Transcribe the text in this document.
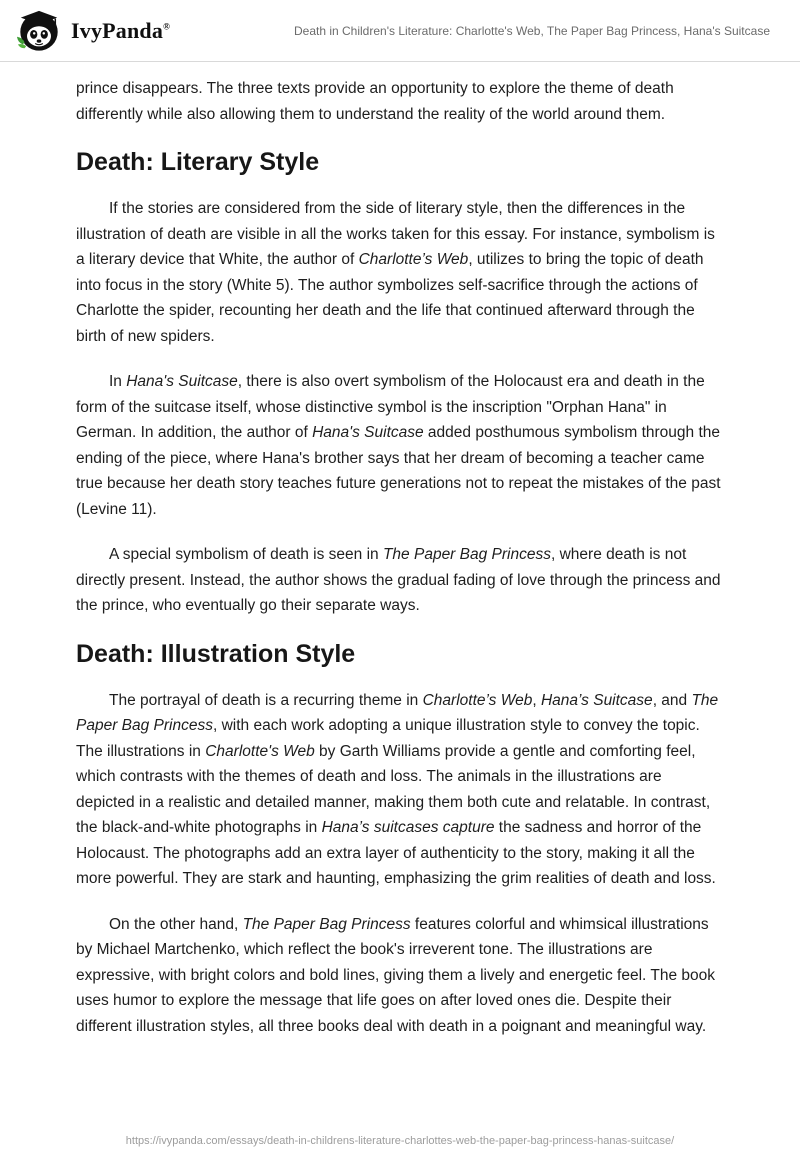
IvyPanda®	Death in Children's Literature: Charlotte's Web, The Paper Bag Princess, Hana's Suitcase

prince disappears. The three texts provide an opportunity to explore the theme of death differently while also allowing them to understand the reality of the world around them.

Death: Literary Style

If the stories are considered from the side of literary style, then the differences in the illustration of death are visible in all the works taken for this essay. For instance, symbolism is a literary device that White, the author of Charlotte’s Web, utilizes to bring the topic of death into focus in the story (White 5). The author symbolizes self-sacrifice through the actions of Charlotte the spider, recounting her death and the life that continued afterward through the birth of new spiders.

In Hana's Suitcase, there is also overt symbolism of the Holocaust era and death in the form of the suitcase itself, whose distinctive symbol is the inscription "Orphan Hana" in German. In addition, the author of Hana's Suitcase added posthumous symbolism through the ending of the piece, where Hana's brother says that her dream of becoming a teacher came true because her death story teaches future generations not to repeat the mistakes of the past (Levine 11).

A special symbolism of death is seen in The Paper Bag Princess, where death is not directly present. Instead, the author shows the gradual fading of love through the princess and the prince, who eventually go their separate ways.

Death: Illustration Style

The portrayal of death is a recurring theme in Charlotte’s Web, Hana’s Suitcase, and The Paper Bag Princess, with each work adopting a unique illustration style to convey the topic. The illustrations in Charlotte's Web by Garth Williams provide a gentle and comforting feel, which contrasts with the themes of death and loss. The animals in the illustrations are depicted in a realistic and detailed manner, making them both cute and relatable. In contrast, the black-and-white photographs in Hana’s suitcases capture the sadness and horror of the Holocaust. The photographs add an extra layer of authenticity to the story, making it all the more powerful. They are stark and haunting, emphasizing the grim realities of death and loss.

On the other hand, The Paper Bag Princess features colorful and whimsical illustrations by Michael Martchenko, which reflect the book's irreverent tone. The illustrations are expressive, with bright colors and bold lines, giving them a lively and energetic feel. The book uses humor to explore the message that life goes on after loved ones die. Despite their different illustration styles, all three books deal with death in a poignant and meaningful way.

https://ivypanda.com/essays/death-in-childrens-literature-charlottes-web-the-paper-bag-princess-hanas-suitcase/
